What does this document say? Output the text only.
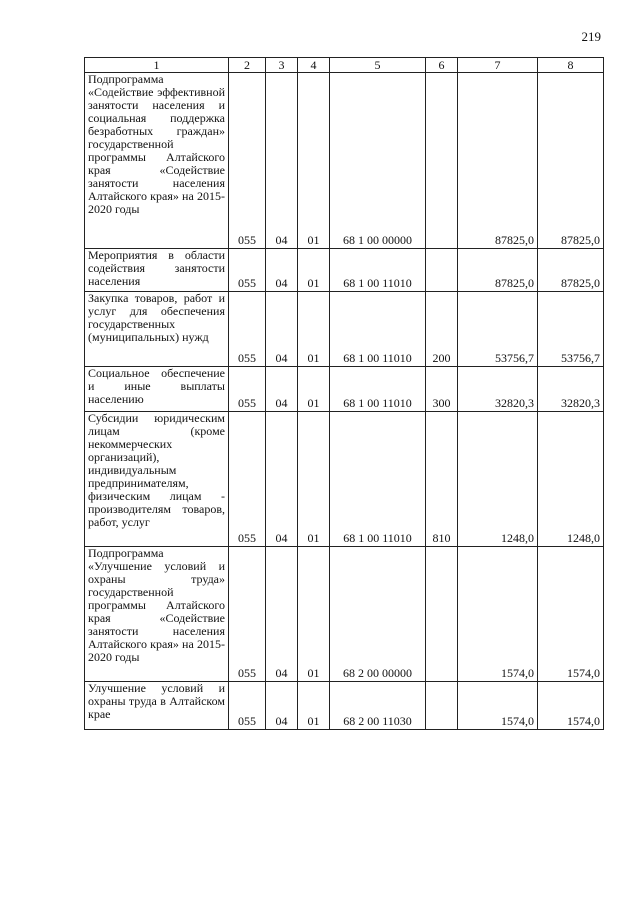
219
1	2	3	4	5	6	7	8
Подпрограмма «Содействие эффективной занятости населения и социальная поддержка безработных граждан» государственной программы Алтайского края «Содействие занятости населения Алтайского края» на 2015-2020 годы	055	04	01	68 1 00 00000		87825,0	87825,0
Мероприятия в области содействия занятости населения	055	04	01	68 1 00 11010		87825,0	87825,0
Закупка товаров, работ и услуг для обеспечения государственных (муниципальных) нужд	055	04	01	68 1 00 11010	200	53756,7	53756,7
Социальное обеспечение и иные выплаты населению	055	04	01	68 1 00 11010	300	32820,3	32820,3
Субсидии юридическим лицам (кроме некоммерческих организаций), индивидуальным предпринимателям, физическим лицам - производителям товаров, работ, услуг	055	04	01	68 1 00 11010	810	1248,0	1248,0
Подпрограмма «Улучшение условий и охраны труда» государственной программы Алтайского края «Содействие занятости населения Алтайского края» на 2015-2020 годы	055	04	01	68 2 00 00000		1574,0	1574,0
Улучшение условий и охраны труда в Алтайском крае	055	04	01	68 2 00 11030		1574,0	1574,0
